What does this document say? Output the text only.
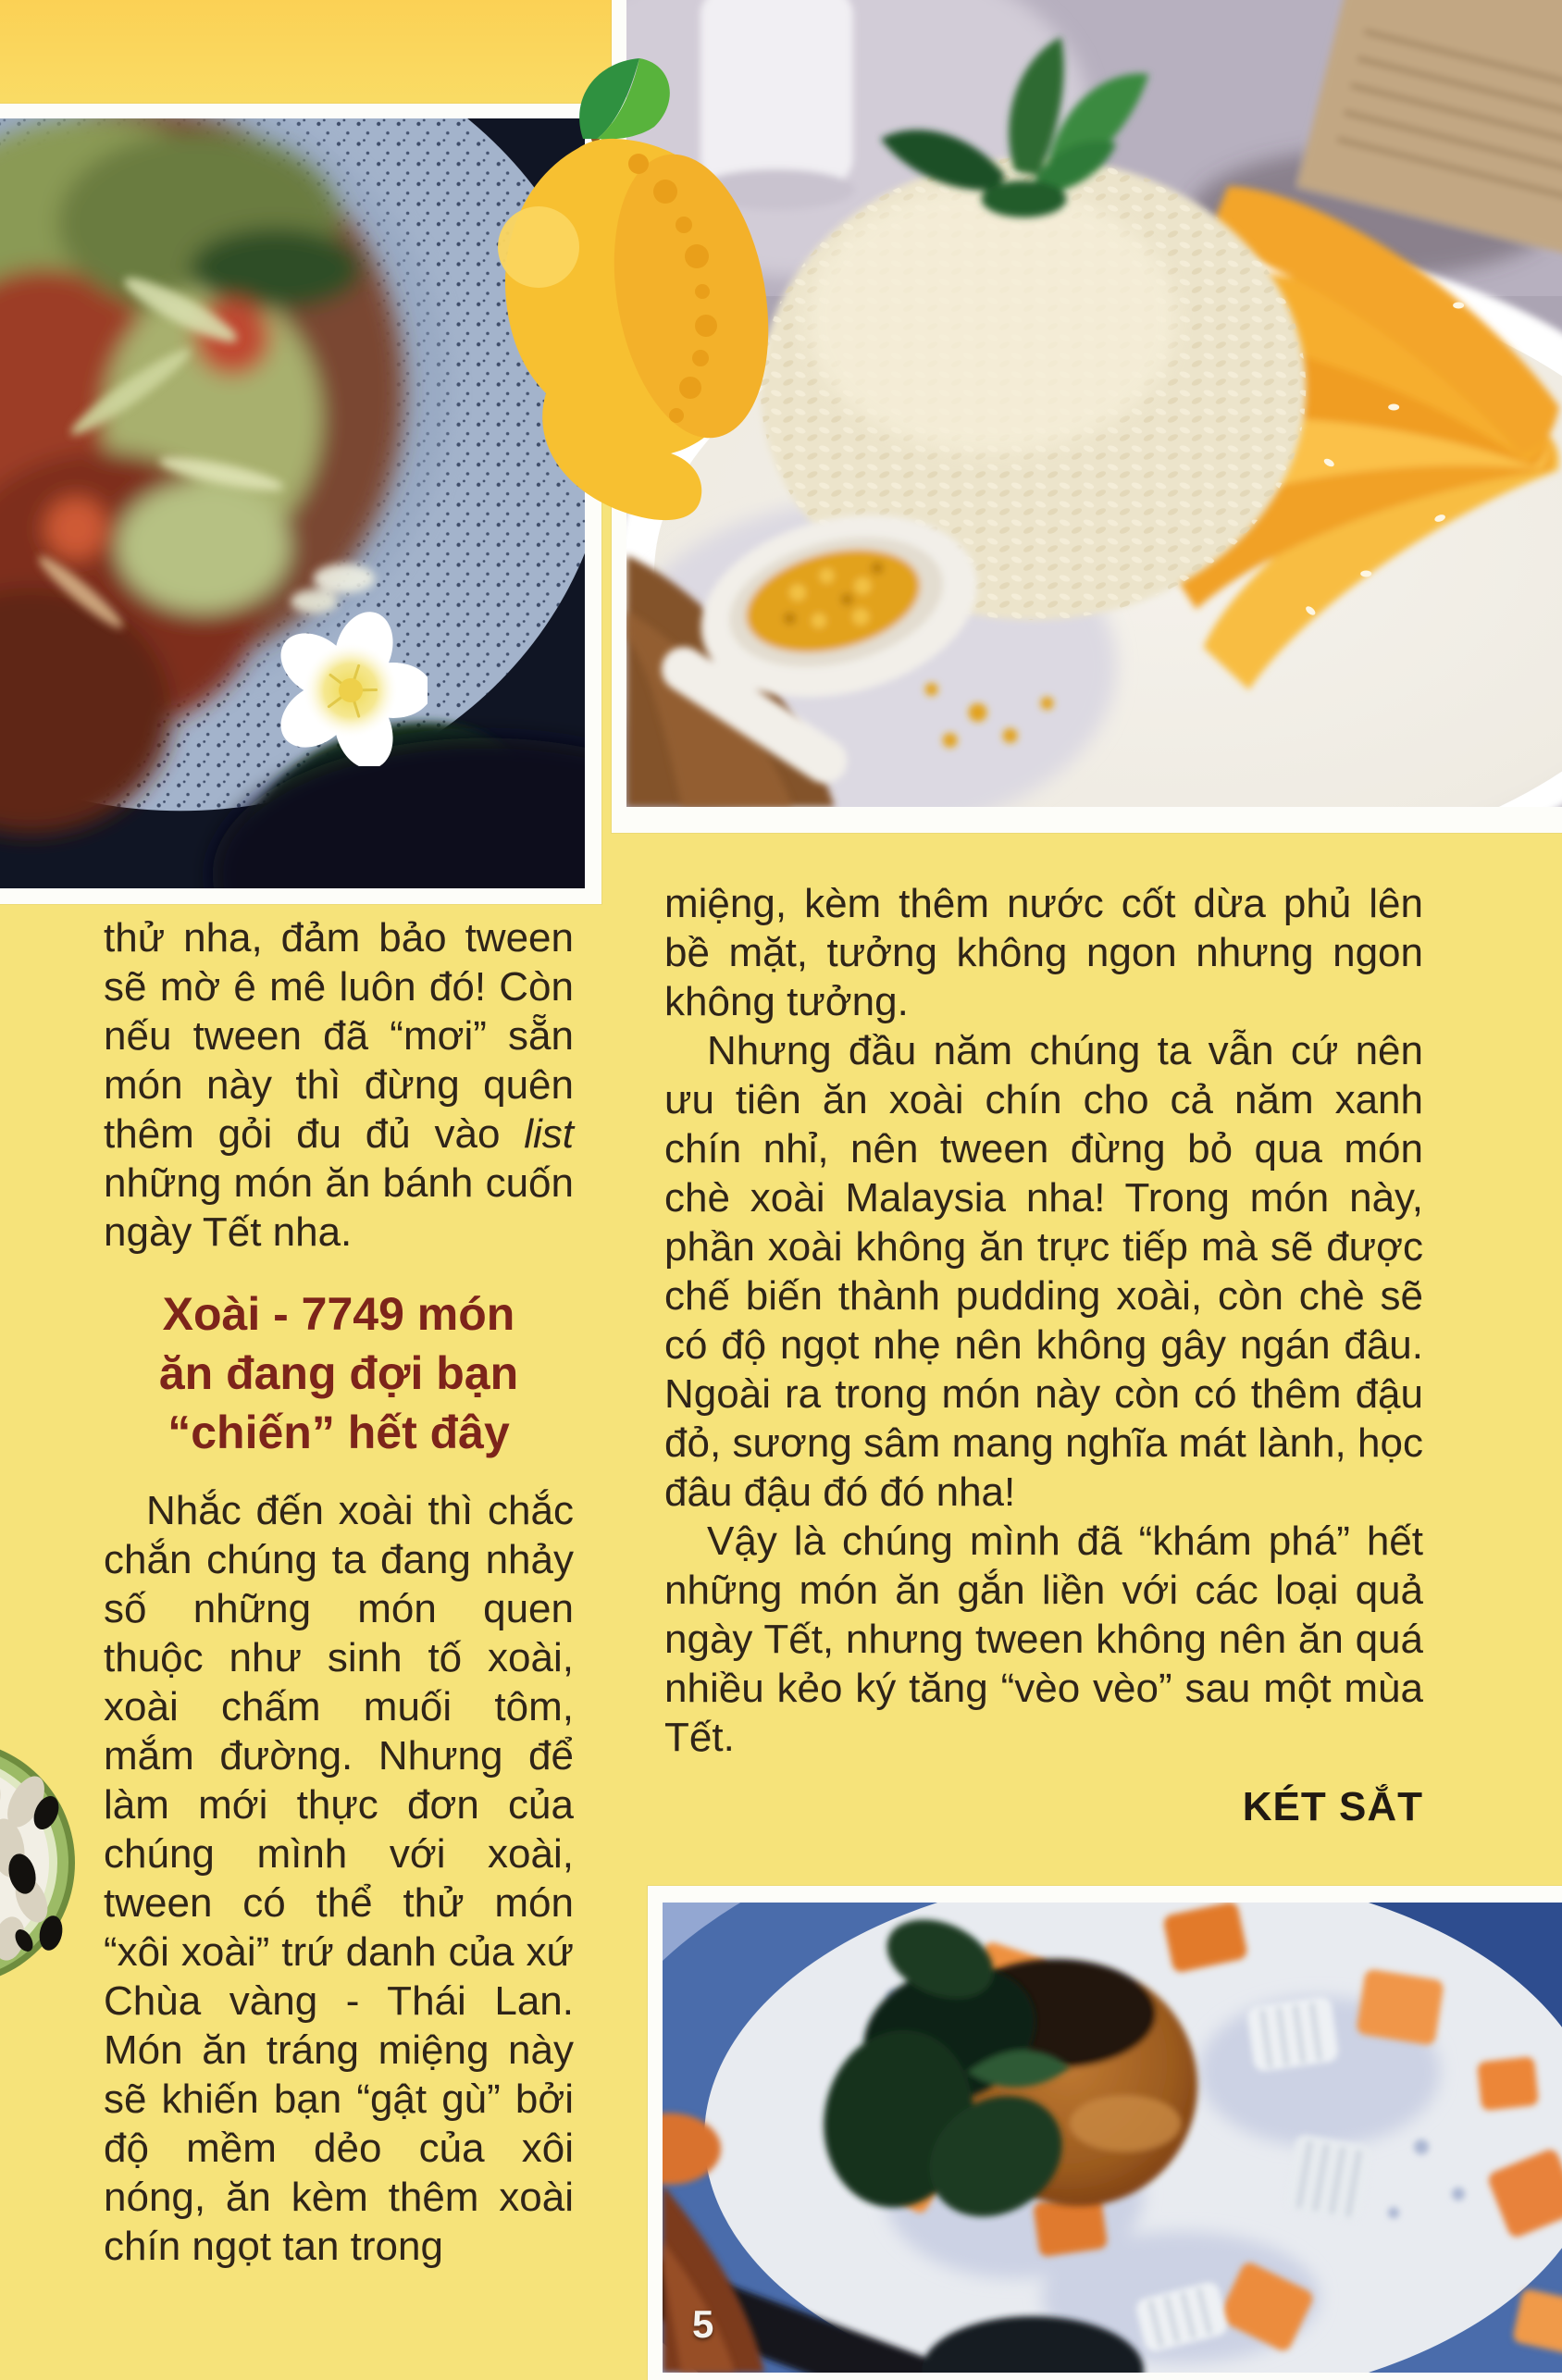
thử nha, đảm bảo tween sẽ mờ ê mê luôn đó! Còn nếu tween đã “mơi” sẵn món này thì đừng quên thêm gỏi đu đủ vào list những món ăn bánh cuốn ngày Tết nha.

Xoài - 7749 món
ăn đang đợi bạn
“chiến” hết đây

Nhắc đến xoài thì chắc chắn chúng ta đang nhảy số những món quen thuộc như sinh tố xoài, xoài chấm muối tôm, mắm đường. Nhưng để làm mới thực đơn của chúng mình với xoài, tween có thể thử món “xôi xoài” trứ danh của xứ Chùa vàng - Thái Lan. Món ăn tráng miệng này sẽ khiến bạn “gật gù” bởi độ mềm dẻo của xôi nóng, ăn kèm thêm xoài chín ngọt tan trong

miệng, kèm thêm nước cốt dừa phủ lên bề mặt, tưởng không ngon nhưng ngon không tưởng.

Nhưng đầu năm chúng ta vẫn cứ nên ưu tiên ăn xoài chín cho cả năm xanh chín nhỉ, nên tween đừng bỏ qua món chè xoài Malaysia nha! Trong món này, phần xoài không ăn trực tiếp mà sẽ được chế biến thành pudding xoài, còn chè sẽ có độ ngọt nhẹ nên không gây ngán đâu. Ngoài ra trong món này còn có thêm đậu đỏ, sương sâm mang nghĩa mát lành, học đâu đậu đó đó nha!

Vậy là chúng mình đã “khám phá” hết những món ăn gắn liền với các loại quả ngày Tết, nhưng tween không nên ăn quá nhiều kẻo ký tăng “vèo vèo” sau một mùa Tết.

KÉT SẮT
5
